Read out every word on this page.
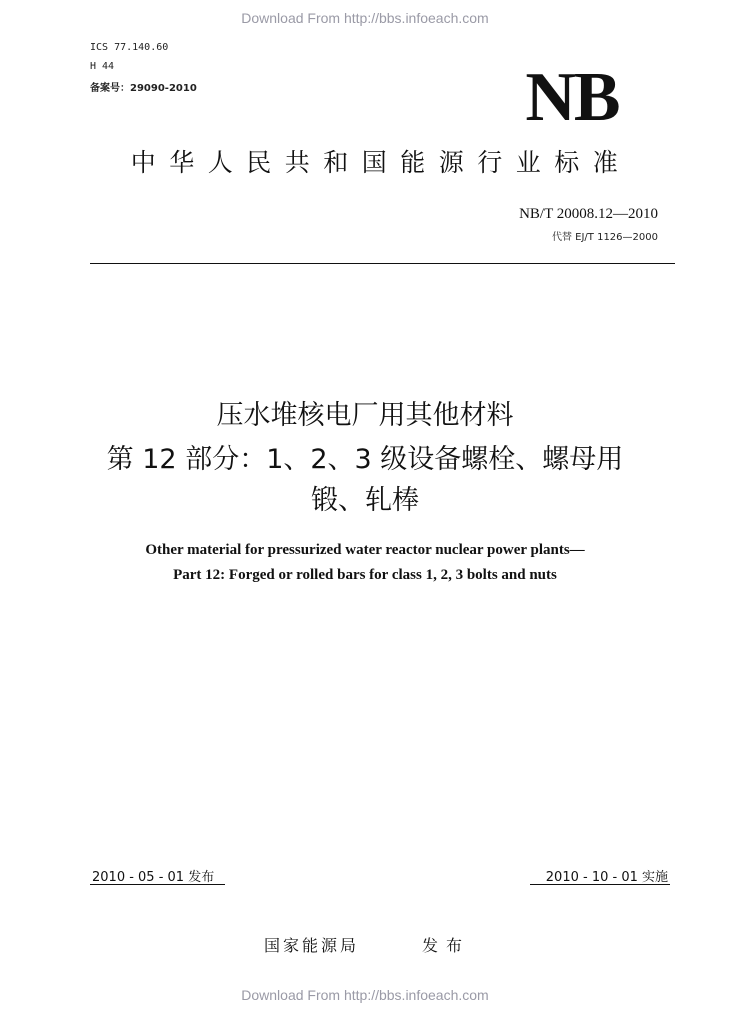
Download From http://bbs.infoeach.com
ICS 77.140.60
H 44
备案号：29090-2010	NB
中华人民共和国能源行业标准
NB/T 20008.12—2010
代替 EJ/T 1126—2000
压水堆核电厂用其他材料
第 12 部分：1、2、3 级设备螺栓、螺母用
锻、轧棒
Other material for pressurized water reactor nuclear power plants—
Part 12: Forged or rolled bars for class 1, 2, 3 bolts and nuts
2010 - 05 - 01 发布	2010 - 10 - 01 实施
国家能源局	发布
Download From http://bbs.infoeach.com
